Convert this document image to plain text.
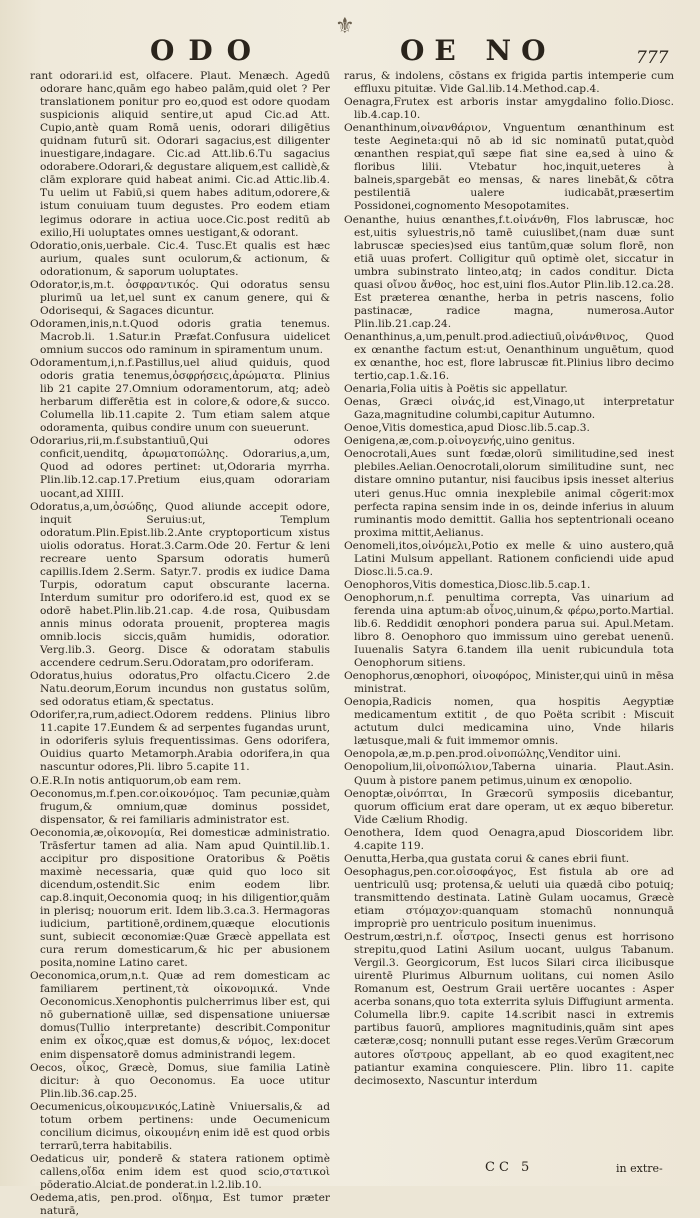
⚜
ODO	OE NO	777
rant odorari.id est, olfacere. Plaut. Menæch. Agedū odorare hanc,quām ego habeo palām,quid olet ? Per translationem ponitur pro eo,quod est odore quodam suspicionis aliquid sentire,ut apud Cic.ad Att. Cupio,antè quam Romā uenis, odorari diligētius quidnam futurū sit. Odorari sagacius,est diligenter inuestigare,indagare. Cic.ad Att.lib.6.Tu sagacius odorabere.Odorari,& degustare aliquem,est callidè,& clām explorare quid habeat animi. Cic.ad Attic.lib.4. Tu uelim ut Fabiū,si quem habes aditum,odorere,& istum conuiuam tuum degustes. Pro eodem etiam legimus odorare in actiua uoce.Cic.post reditū ab exilio,Hi uoluptates omnes uestigant,& odorant.
Odoratio,onis,uerbale. Cic.4. Tusc.Et qualis est hæc aurium, quales sunt oculorum,& actionum, & odorationum, & saporum uoluptates.
Odorator,is,m.t. ὀσφραντικός. Qui odoratus sensu plurimū ua let,uel sunt ex canum genere, qui & Odorisequi, & Sagaces dicuntur.
Odoramen,inis,n.t.Quod odoris gratia tenemus. Macrob.li. 1.Satur.in Præfat.Confusura uidelicet omnium succos odo raminum in spiramentum unum.
Odoramentum,i,n.f.Pastillus,uel aliud quiduis, quod odoris gratia tenemus,ὀσφρήσεις,ἀρώματα. Plinius lib 21 capite 27.Omnium odoramentorum, atq; adeò herbarum differētia est in colore,& odore,& succo. Columella lib.11.capite 2. Tum etiam salem atque odoramenta, quibus condire unum con sueuerunt.
Odorarius,rii,m.f.substantiuū,Qui odores conficit,uenditq, ἀρωματοπώλης. Odorarius,a,um, Quod ad odores pertinet: ut,Odoraria myrrha. Plin.lib.12.cap.17.Pretium eius,quam odorariam uocant,ad XIIII.
Odoratus,a,um,ὀσώδης, Quod aliunde accepit odore, inquit Seruius:ut, Templum odoratum.Plin.Epist.lib.2.Ante cryptoporticum xistus uiolis odoratus. Horat.3.Carm.Ode 20. Fertur & leni recreare uento Sparsum odoratis humerū capillis.Idem 2.Serm. Satyr.7. prodis ex iudice Dama Turpis, odoratum caput obscurante lacerna. Interdum sumitur pro odorifero.id est, quod ex se odorē habet.Plin.lib.21.cap. 4.de rosa, Quibusdam annis minus odorata prouenit, propterea magis omnib.locis siccis,quām humidis, odoratior. Verg.lib.3. Georg. Disce & odoratam stabulis accendere cedrum.Seru.Odoratam,pro odoriferam.
Odoratus,huius odoratus,Pro olfactu.Cicero 2.de Natu.deorum,Eorum incundus non gustatus solūm, sed odoratus etiam,& spectatus.
Odorifer,ra,rum,adiect.Odorem reddens. Plinius libro 11.capite 17.Eundem & ad serpentes fugandas urunt, in odoriferis syluis frequentissimas. Gens odorifera, Ouidius quarto Metamorph.Arabia odorifera,in qua nascuntur odores,Pli. libro 5.capite 11.
O.E.R.In notis antiquorum,ob eam rem.
Oeconomus,m.f.pen.cor.οἰκονόμος. Tam pecuniæ,quàm frugum,& omnium,quæ dominus possidet, dispensator, & rei familiaris administrator est.
Oeconomia,æ,οἰκονομία, Rei domesticæ administratio. Trāsfertur tamen ad alia. Nam apud Quintil.lib.1. accipitur pro dispositione Oratoribus & Poëtis maximè necessaria, quæ quid quo loco sit dicendum,ostendit.Sic enim eodem libr. cap.8.inquit,Oeconomia quoq; in his diligentior,quām in plerisq; nouorum erit. Idem lib.3.ca.3. Hermagoras iudicium, partitionē,ordinem,quæque elocutionis sunt, subiecit œconomiæ:Quæ Græcè appellata est cura rerum domesticarum,& hic per abusionem posita,nomine Latino caret.
Oeconomica,orum,n.t. Quæ ad rem domesticam ac familiarem pertinent,τὰ οἰκονομικά. Vnde Oeconomicus.Xenophontis pulcherrimus liber est, qui nō gubernationē uillæ, sed dispensatione uniuersæ domus(Tullio interpretante) describit.Componitur enim ex οἶκος,quæ est domus,& νόμος, lex:docet enim dispensatorē domus administrandi legem.
Oecos, οἶκος, Græcè, Domus, siue familia Latinè dicitur: à quo Oeconomus. Ea uoce utitur Plin.lib.36.cap.25.
Oecumenicus,οἰκουμενικός,Latinè Vniuersalis,& ad totum orbem pertinens: unde Oecumenicum concilium dicimus, οἰκουμένη enim idē est quod orbis terrarū,terra habitabilis.
Oedaticus uir, ponderē & statera rationem optimè callens,οἴδα enim idem est quod scio,στατικοὶ pōderatio.Alciat.de ponderat.in l.2.lib.10.
Oedema,atis, pen.prod. οἴδημα, Est tumor præter naturā,
rarus, & indolens, cōstans ex frigida partis intemperie cum effluxu pituitæ. Vide Gal.lib.14.Method.cap.4.
Oenagra,Frutex est arboris instar amygdalino folio.Diosc. lib.4.cap.10.
Oenanthinum,οἰνανθάριον, Vnguentum œnanthinum est teste Aegineta:qui nō ab id sic nominatū putat,quòd œnanthen respiat,quī sæpe fiat sine ea,sed à uino & floribus lilii. Vtebatur hoc,inquit,ueteres à balneis,spargebāt eo mensas, & nares linebāt,& cōtra pestilentiā ualere iudicabāt,præsertim Possidonei,cognomento Mesopotamites.
Oenanthe, huius œnanthes,f.t.οἰνάνθη, Flos labruscæ, hoc est,uitis syluestris,nō tamē cuiuslibet,(nam duæ sunt labruscæ species)sed eius tantūm,quæ solum florē, non etiā uuas profert. Colligitur quū optimè olet, siccatur in umbra subinstrato linteo,atq; in cados conditur. Dicta quasi οἴνου ἄνθος, hoc est,uini flos.Autor Plin.lib.12.ca.28. Est præterea œnanthe, herba in petris nascens, folio pastinacæ, radice magna, numerosa.Autor Plin.lib.21.cap.24.
Oenanthinus,a,um,penult.prod.adiectiuū,οἰνάνθινος, Quod ex œnanthe factum est:ut, Oenanthinum unguētum, quod ex œnanthe, hoc est, flore labruscæ fit.Plinius libro decimo tertio,cap.1.&.16.
Oenaria,Folia uitis à Poëtis sic appellatur.
Oenas, Græci οἰνάς,id est,Vinago,ut interpretatur Gaza,magnitudine columbi,capitur Autumno.
Oenoe,Vitis domestica,apud Diosc.lib.5.cap.3.
Oenigena,æ,com.p.οἰνογενής,uino genitus.
Oenocrotali,Aues sunt fœdæ,olorū similitudine,sed inest plebiles.Aelian.Oenocrotali,olorum similitudine sunt, nec distare omnino putantur, nisi faucibus ipsis inesset alterius uteri genus.Huc omnia inexplebile animal cōgerit:mox perfecta rapina sensim inde in os, deinde inferius in aluum ruminantis modo demittit. Gallia hos septentrionali oceano proxima mittit,Aelianus.
Oenomeli,itos,οἰνόμελι,Potio ex melle & uino austero,quā Latini Mulsum appellant. Rationem conficiendi uide apud Diosc.li.5.ca.9.
Oenophoros,Vitis domestica,Diosc.lib.5.cap.1.
Oenophorum,n.f. penultima correpta, Vas uinarium ad ferenda uina aptum:ab οἶνος,uinum,& φέρω,porto.Martial. lib.6. Reddidit œnophori pondera parua sui. Apul.Metam. libro 8. Oenophoro quo immissum uino gerebat uenenū. Iuuenalis Satyra 6.tandem illa uenit rubicundula tota Oenophorum sitiens.
Oenophorus,œnophori, οἰνοφόρος, Minister,qui uinū in mēsa ministrat.
Oenopia,Radicis nomen, qua hospitis Aegyptiæ medicamentum extitit , de quo Poëta scribit : Miscuit actutum dulci medicamina uino, Vnde hilaris lætusque,mali & fuit immemor omnis.
Oenopola,æ,m.p.pen.prod.οἰνοπώλης,Venditor uini.
Oenopolium,lii,οἰνοπώλιον,Taberna uinaria. Plaut.Asin. Quum à pistore panem petimus,uinum ex œnopolio.
Oenoptæ,οἰνόπται, In Græcorū symposiis dicebantur, quorum officium erat dare operam, ut ex æquo biberetur. Vide Cælium Rhodig.
Oenothera, Idem quod Oenagra,apud Dioscoridem libr. 4.capite 119.
Oenutta,Herba,qua gustata corui & canes ebrii fiunt.
Oesophagus,pen.cor.οἰσοφάγος, Est fistula ab ore ad uentriculū usq; protensa,& ueluti uia quædā cibo potuiq; transmittendo destinata. Latinè Gulam uocamus, Græcè etiam στόμαχον:quanquam stomachū nonnunquā impropriè pro uentriculo positum inuenimus.
Oestrum,œstri,n.f. οἶστρος, Insecti genus est horrisono strepitu,quod Latini Asilum uocant, uulgus Tabanum. Vergil.3. Georgicorum, Est lucos Silari circa ilicibusque uirentē Plurimus Alburnum uolitans, cui nomen Asilo Romanum est, Oestrum Graii uertēre uocantes : Asper acerba sonans,quo tota exterrita syluis Diffugiunt armenta. Columella libr.9. capite 14.scribit nasci in extremis partibus fauorū, ampliores magnitudinis,quām sint apes cæteræ,cosq; nonnulli putant esse reges.Verūm Græcorum autores οἴστρους appellant, ab eo quod exagitent,nec patiantur examina conquiescere. Plin. libro 11. capite decimosexto, Nascuntur interdum
CC 5	in extre-
